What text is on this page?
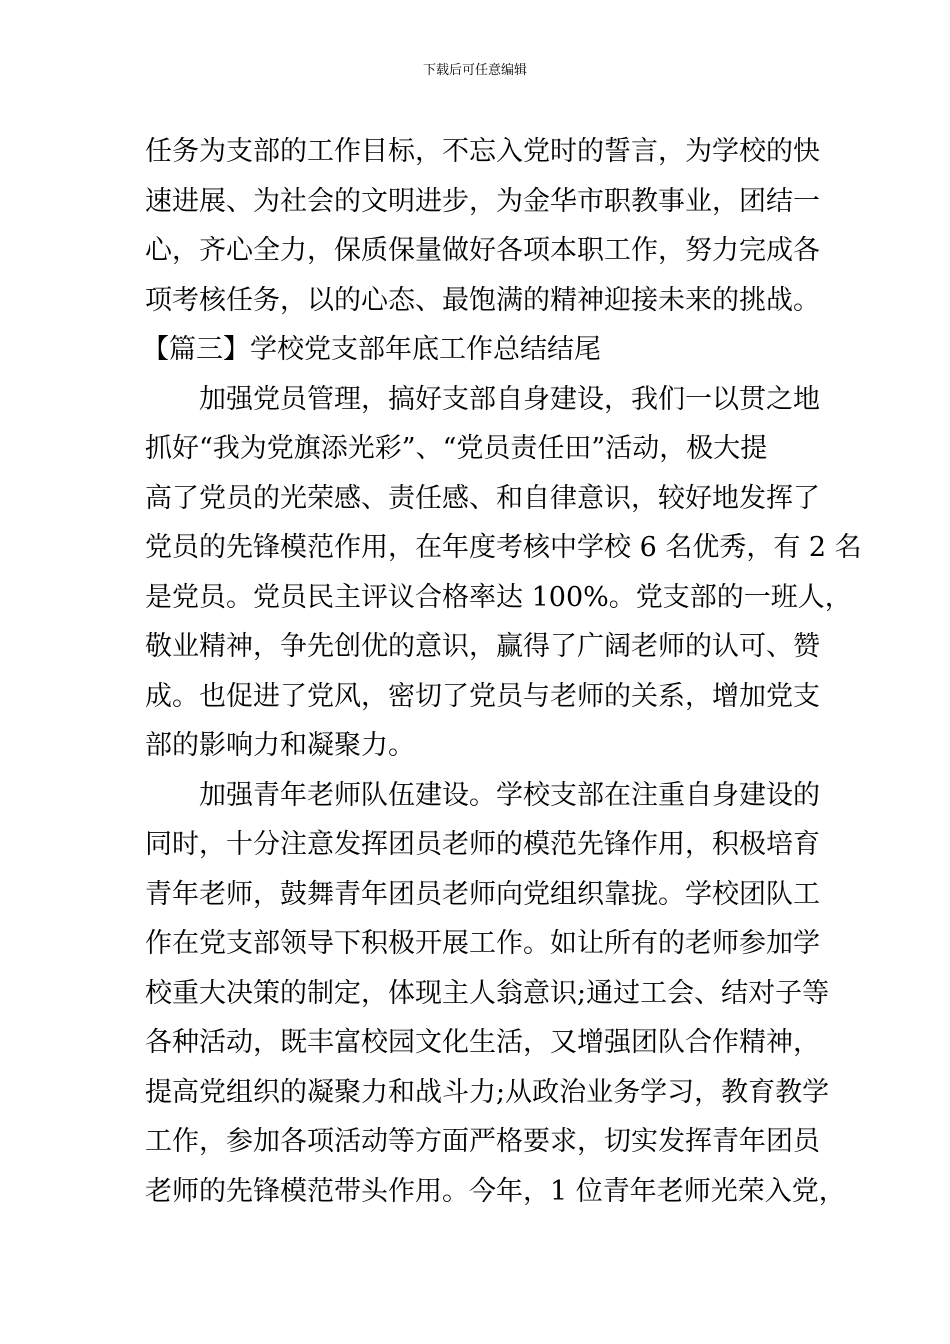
下载后可任意编辑
任务为支部的工作目标，不忘入党时的誓言，为学校的快
速进展、为社会的文明进步，为金华市职教事业，团结一
心，齐心全力，保质保量做好各项本职工作，努力完成各
项考核任务，以的心态、最饱满的精神迎接未来的挑战。
【篇三】学校党支部年底工作总结结尾
加强党员管理，搞好支部自身建设，我们一以贯之地
抓好“我为党旗添光彩”、“党员责任田”活动，极大提
高了党员的光荣感、责任感、和自律意识，较好地发挥了
党员的先锋模范作用，在年度考核中学校 6 名优秀，有 2 名
是党员。党员民主评议合格率达 100%。党支部的一班人，
敬业精神，争先创优的意识，赢得了广阔老师的认可、赞
成。也促进了党风，密切了党员与老师的关系，增加党支
部的影响力和凝聚力。
加强青年老师队伍建设。学校支部在注重自身建设的
同时，十分注意发挥团员老师的模范先锋作用，积极培育
青年老师，鼓舞青年团员老师向党组织靠拢。学校团队工
作在党支部领导下积极开展工作。如让所有的老师参加学
校重大决策的制定，体现主人翁意识;通过工会、结对子等
各种活动，既丰富校园文化生活，又增强团队合作精神，
提高党组织的凝聚力和战斗力;从政治业务学习，教育教学
工作，参加各项活动等方面严格要求，切实发挥青年团员
老师的先锋模范带头作用。今年，1 位青年老师光荣入党，
